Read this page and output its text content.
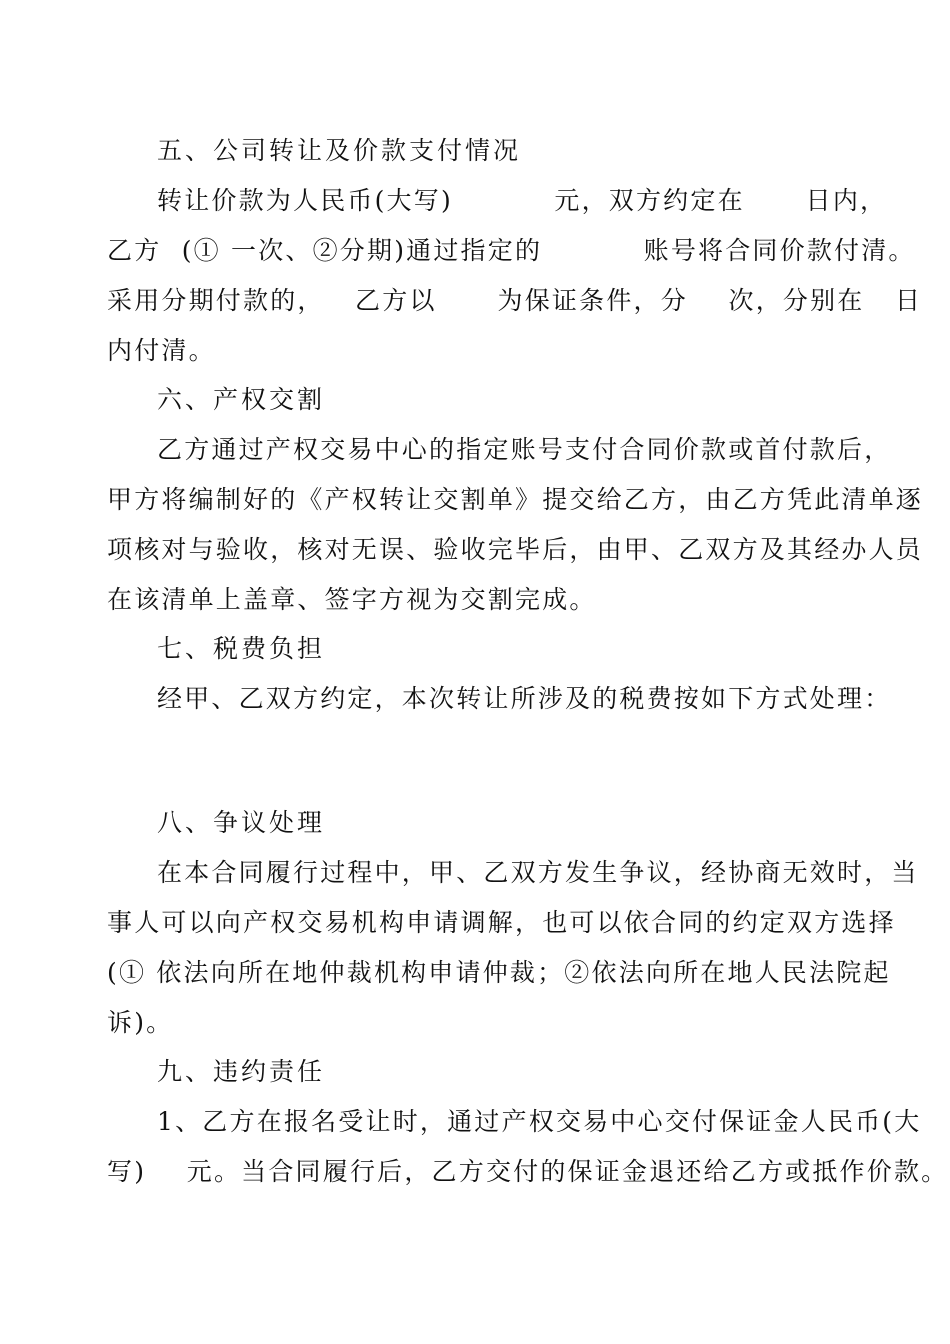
五、公司转让及价款支付情况
转让价款为人民币(大写)          元，双方约定在      日内，
乙方  (① 一次、②分期)通过指定的          账号将合同价款付清。
采用分期付款的，   乙方以      为保证条件，分    次，分别在   日
内付清。
六、产权交割
乙方通过产权交易中心的指定账号支付合同价款或首付款后，
甲方将编制好的《产权转让交割单》提交给乙方，由乙方凭此清单逐
项核对与验收，核对无误、验收完毕后，由甲、乙双方及其经办人员
在该清单上盖章、签字方视为交割完成。
七、税费负担
经甲、乙双方约定，本次转让所涉及的税费按如下方式处理：
八、争议处理
在本合同履行过程中，甲、乙双方发生争议，经协商无效时，当
事人可以向产权交易机构申请调解，也可以依合同的约定双方选择
(① 依法向所在地仲裁机构申请仲裁；②依法向所在地人民法院起
诉)。
九、违约责任
1、乙方在报名受让时，通过产权交易中心交付保证金人民币(大
写)    元。当合同履行后，乙方交付的保证金退还给乙方或抵作价款。
